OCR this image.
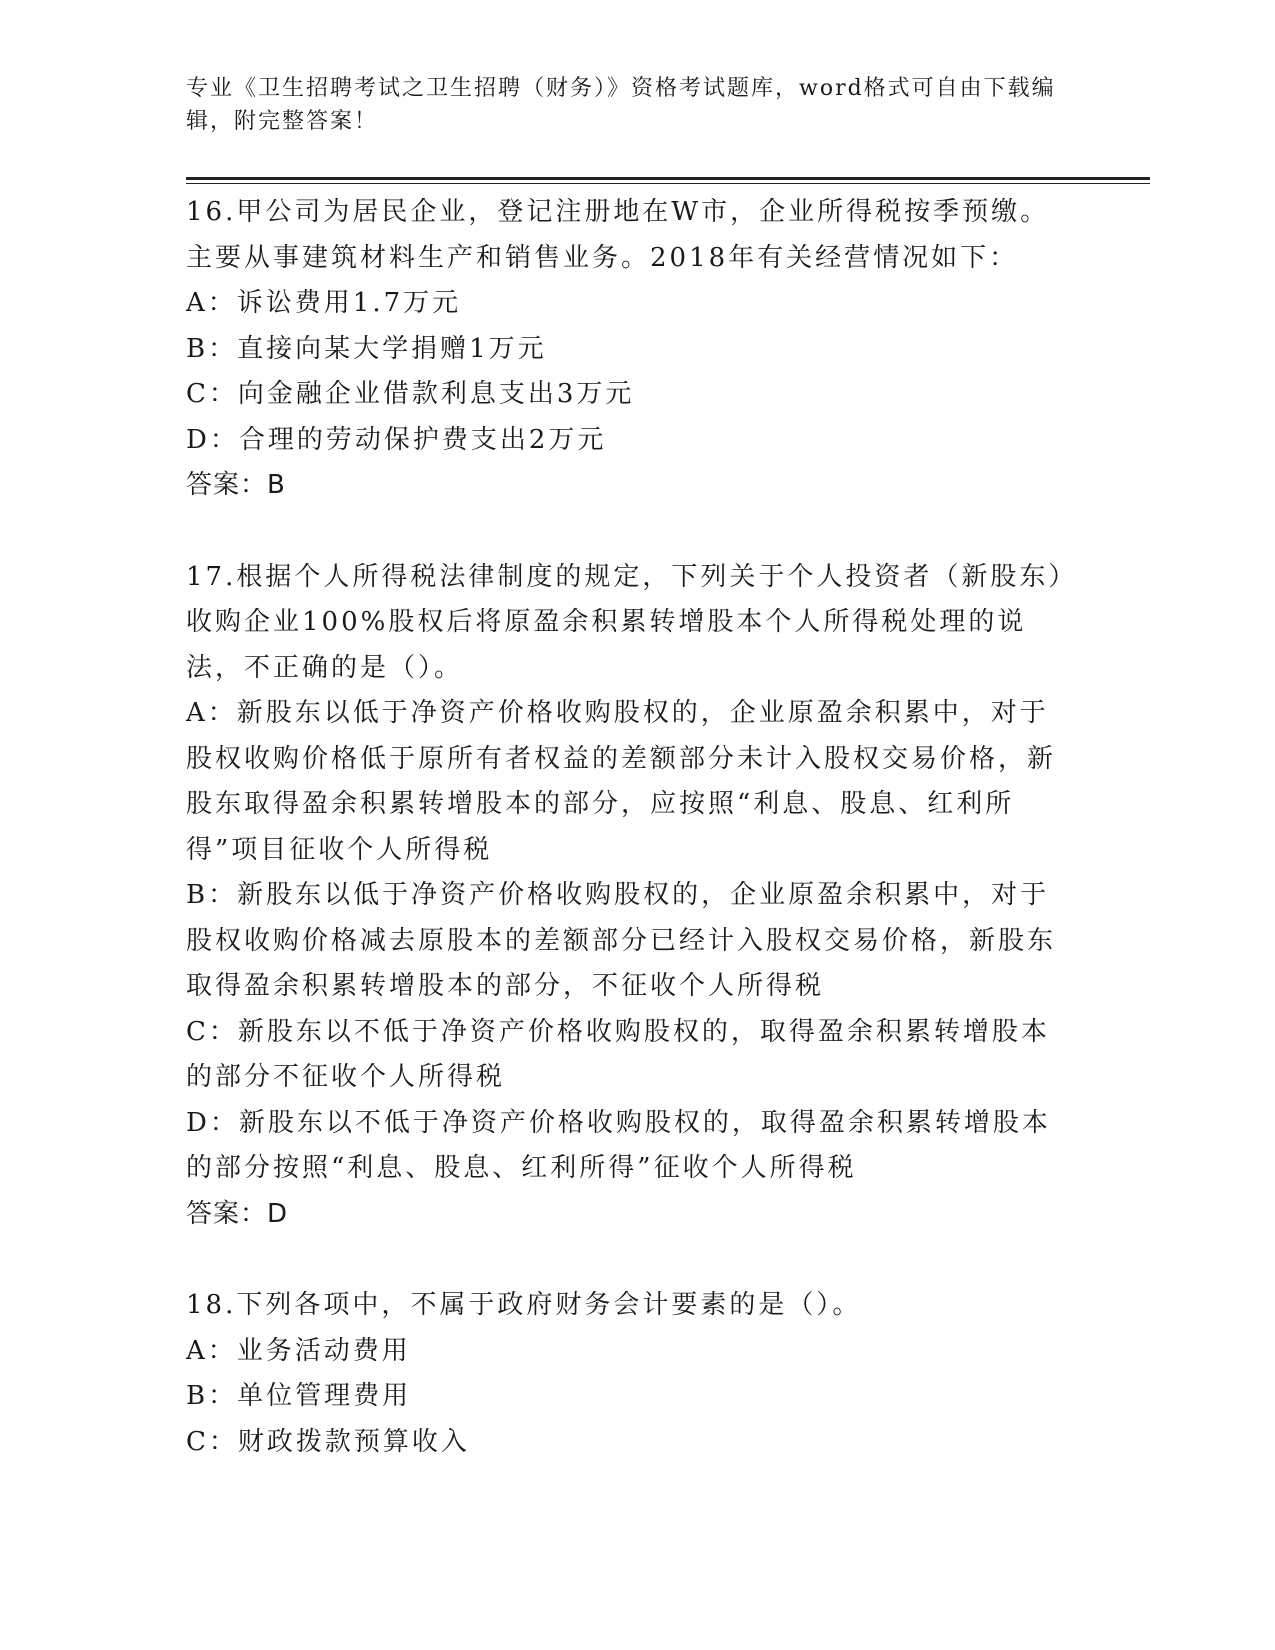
专业《卫生招聘考试之卫生招聘（财务）》资格考试题库，word格式可自由下载编辑，附完整答案！

16.甲公司为居民企业，登记注册地在W市，企业所得税按季预缴。主要从事建筑材料生产和销售业务。2018年有关经营情况如下：

A：诉讼费用1.7万元

B：直接向某大学捐赠1万元

C：向金融企业借款利息支出3万元

D：合理的劳动保护费支出2万元

答案：B

17.根据个人所得税法律制度的规定，下列关于个人投资者（新股东）收购企业100%股权后将原盈余积累转增股本个人所得税处理的说法，不正确的是（）。

A：新股东以低于净资产价格收购股权的，企业原盈余积累中，对于股权收购价格低于原所有者权益的差额部分未计入股权交易价格，新股东取得盈余积累转增股本的部分，应按照“利息、股息、红利所得”项目征收个人所得税

B：新股东以低于净资产价格收购股权的，企业原盈余积累中，对于股权收购价格减去原股本的差额部分已经计入股权交易价格，新股东取得盈余积累转增股本的部分，不征收个人所得税

C：新股东以不低于净资产价格收购股权的，取得盈余积累转增股本的部分不征收个人所得税

D：新股东以不低于净资产价格收购股权的，取得盈余积累转增股本的部分按照“利息、股息、红利所得”征收个人所得税

答案：D

18.下列各项中，不属于政府财务会计要素的是（）。

A：业务活动费用

B：单位管理费用

C：财政拨款预算收入
